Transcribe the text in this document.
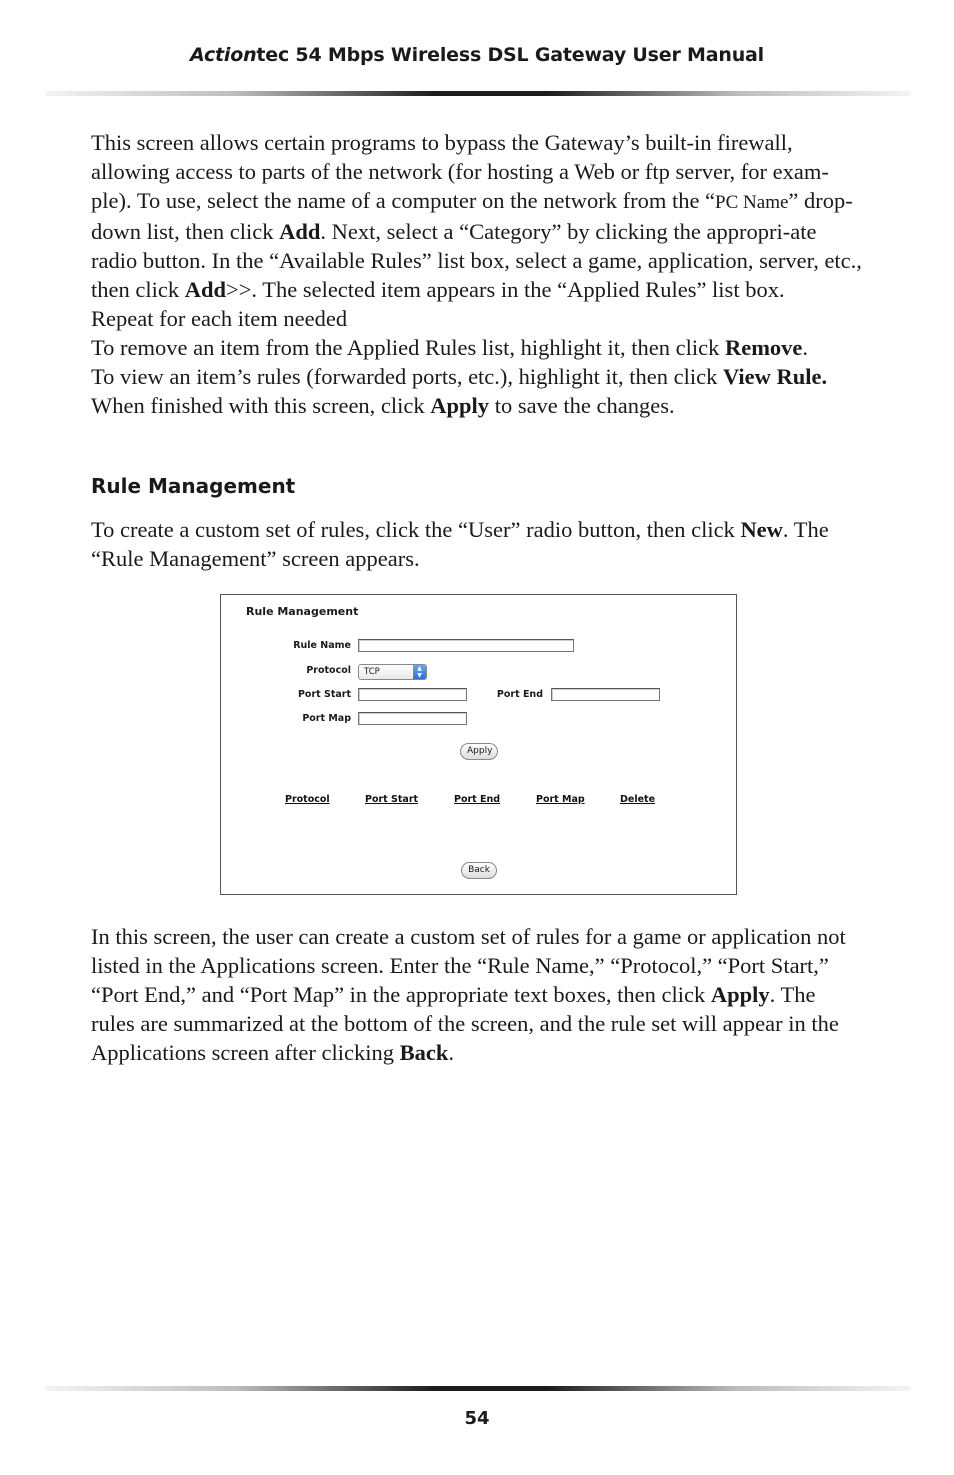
Actiontec 54 Mbps Wireless DSL Gateway User Manual

This screen allows certain programs to bypass the Gateway’s built-in firewall, allowing access to parts of the network (for hosting a Web or ftp server, for exam-ple). To use, select the name of a computer on the network from the “PC Name” drop-down list, then click Add. Next, select a “Category” by clicking the appropri-ate radio button. In the “Available Rules” list box, select a game, application, server, etc., then click Add>>. The selected item appears in the “Applied Rules” list box.

Repeat for each item needed

To remove an item from the Applied Rules list, highlight it, then click Remove.

To view an item’s rules (forwarded ports, etc.), highlight it, then click View Rule.

When finished with this screen, click Apply to save the changes.

Rule Management

To create a custom set of rules, click the “User” radio button, then click New. The “Rule Management” screen appears.

Rule Management
Rule Name
Protocol TCP	▲
▼
Port Start	Port End
Port Map
Apply
Protocol	Port Start	Port End	Port Map	Delete
Back

In this screen, the user can create a custom set of rules for a game or application not listed in the Applications screen. Enter the “Rule Name,” “Protocol,” “Port Start,” “Port End,” and “Port Map” in the appropriate text boxes, then click Apply. The rules are summarized at the bottom of the screen, and the rule set will appear in the Applications screen after clicking Back.

54
